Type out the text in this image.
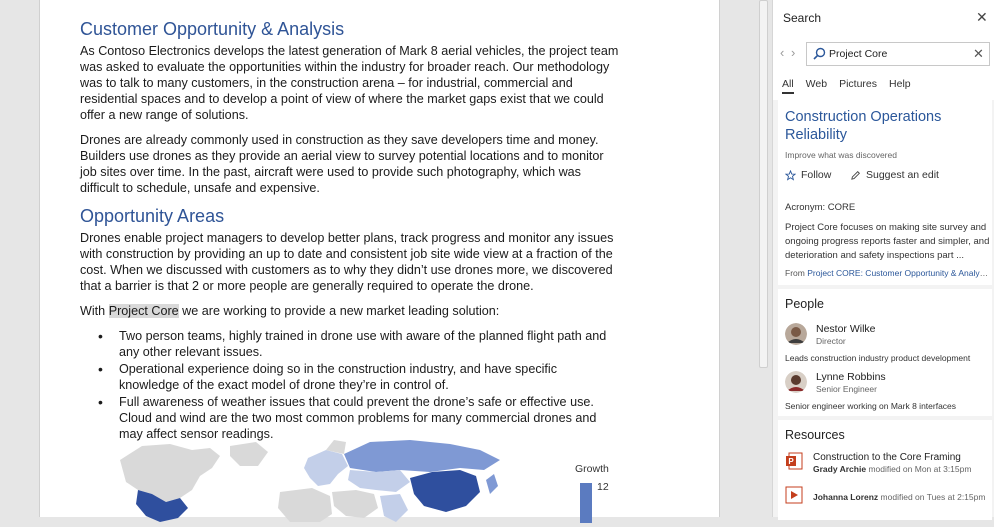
Customer Opportunity & Analysis

As Contoso Electronics develops the latest generation of Mark 8 aerial vehicles, the project team was asked to evaluate the opportunities within the industry for broader reach. Our methodology was to talk to many customers, in the construction arena – for industrial, commercial and residential spaces and to develop a point of view of where the market gaps exist that we could offer a new range of solutions.

Drones are already commonly used in construction as they save developers time and money. Builders use drones as they provide an aerial view to survey potential locations and to monitor job sites over time. In the past, aircraft were used to provide such photography, which was difficult to schedule, unsafe and expensive.

Opportunity Areas

Drones enable project managers to develop better plans, track progress and monitor any issues with construction by providing an up to date and consistent job site wide view at a fraction of the cost. When we discussed with customers as to why they didn’t use drones more, we discovered that a barrier is that 2 or more people are generally required to operate the drone.

With Project Core we are working to provide a new market leading solution:

• Two person teams, highly trained in drone use with aware of the planned flight path and any other relevant issues.
• Operational experience doing so in the construction industry, and have specific knowledge of the exact model of drone they’re in control of.
• Full awareness of weather issues that could prevent the drone’s safe or effective use. Cloud and wind are the two most common problems for many commercial drones and may affect sensor readings.
Growth
12
Search	✕
‹ ›
Project Core	✕
All Web Pictures Help
Construction Operations Reliability
Improve what was discovered
Follow	Suggest an edit
Acronym: CORE
Project Core focuses on making site survey and ongoing progress reports faster and simpler, and deterioration and safety inspections part ...
From Project CORE: Customer Opportunity & Analysis
People
Nestor Wilke
Director
Leads construction industry product development
Lynne Robbins
Senior Engineer
Senior engineer working on Mark 8 interfaces
Resources
P Construction to the Core Framing
Grady Archie modified on Mon at 3:15pm
Johanna Lorenz modified on Tues at 2:15pm
